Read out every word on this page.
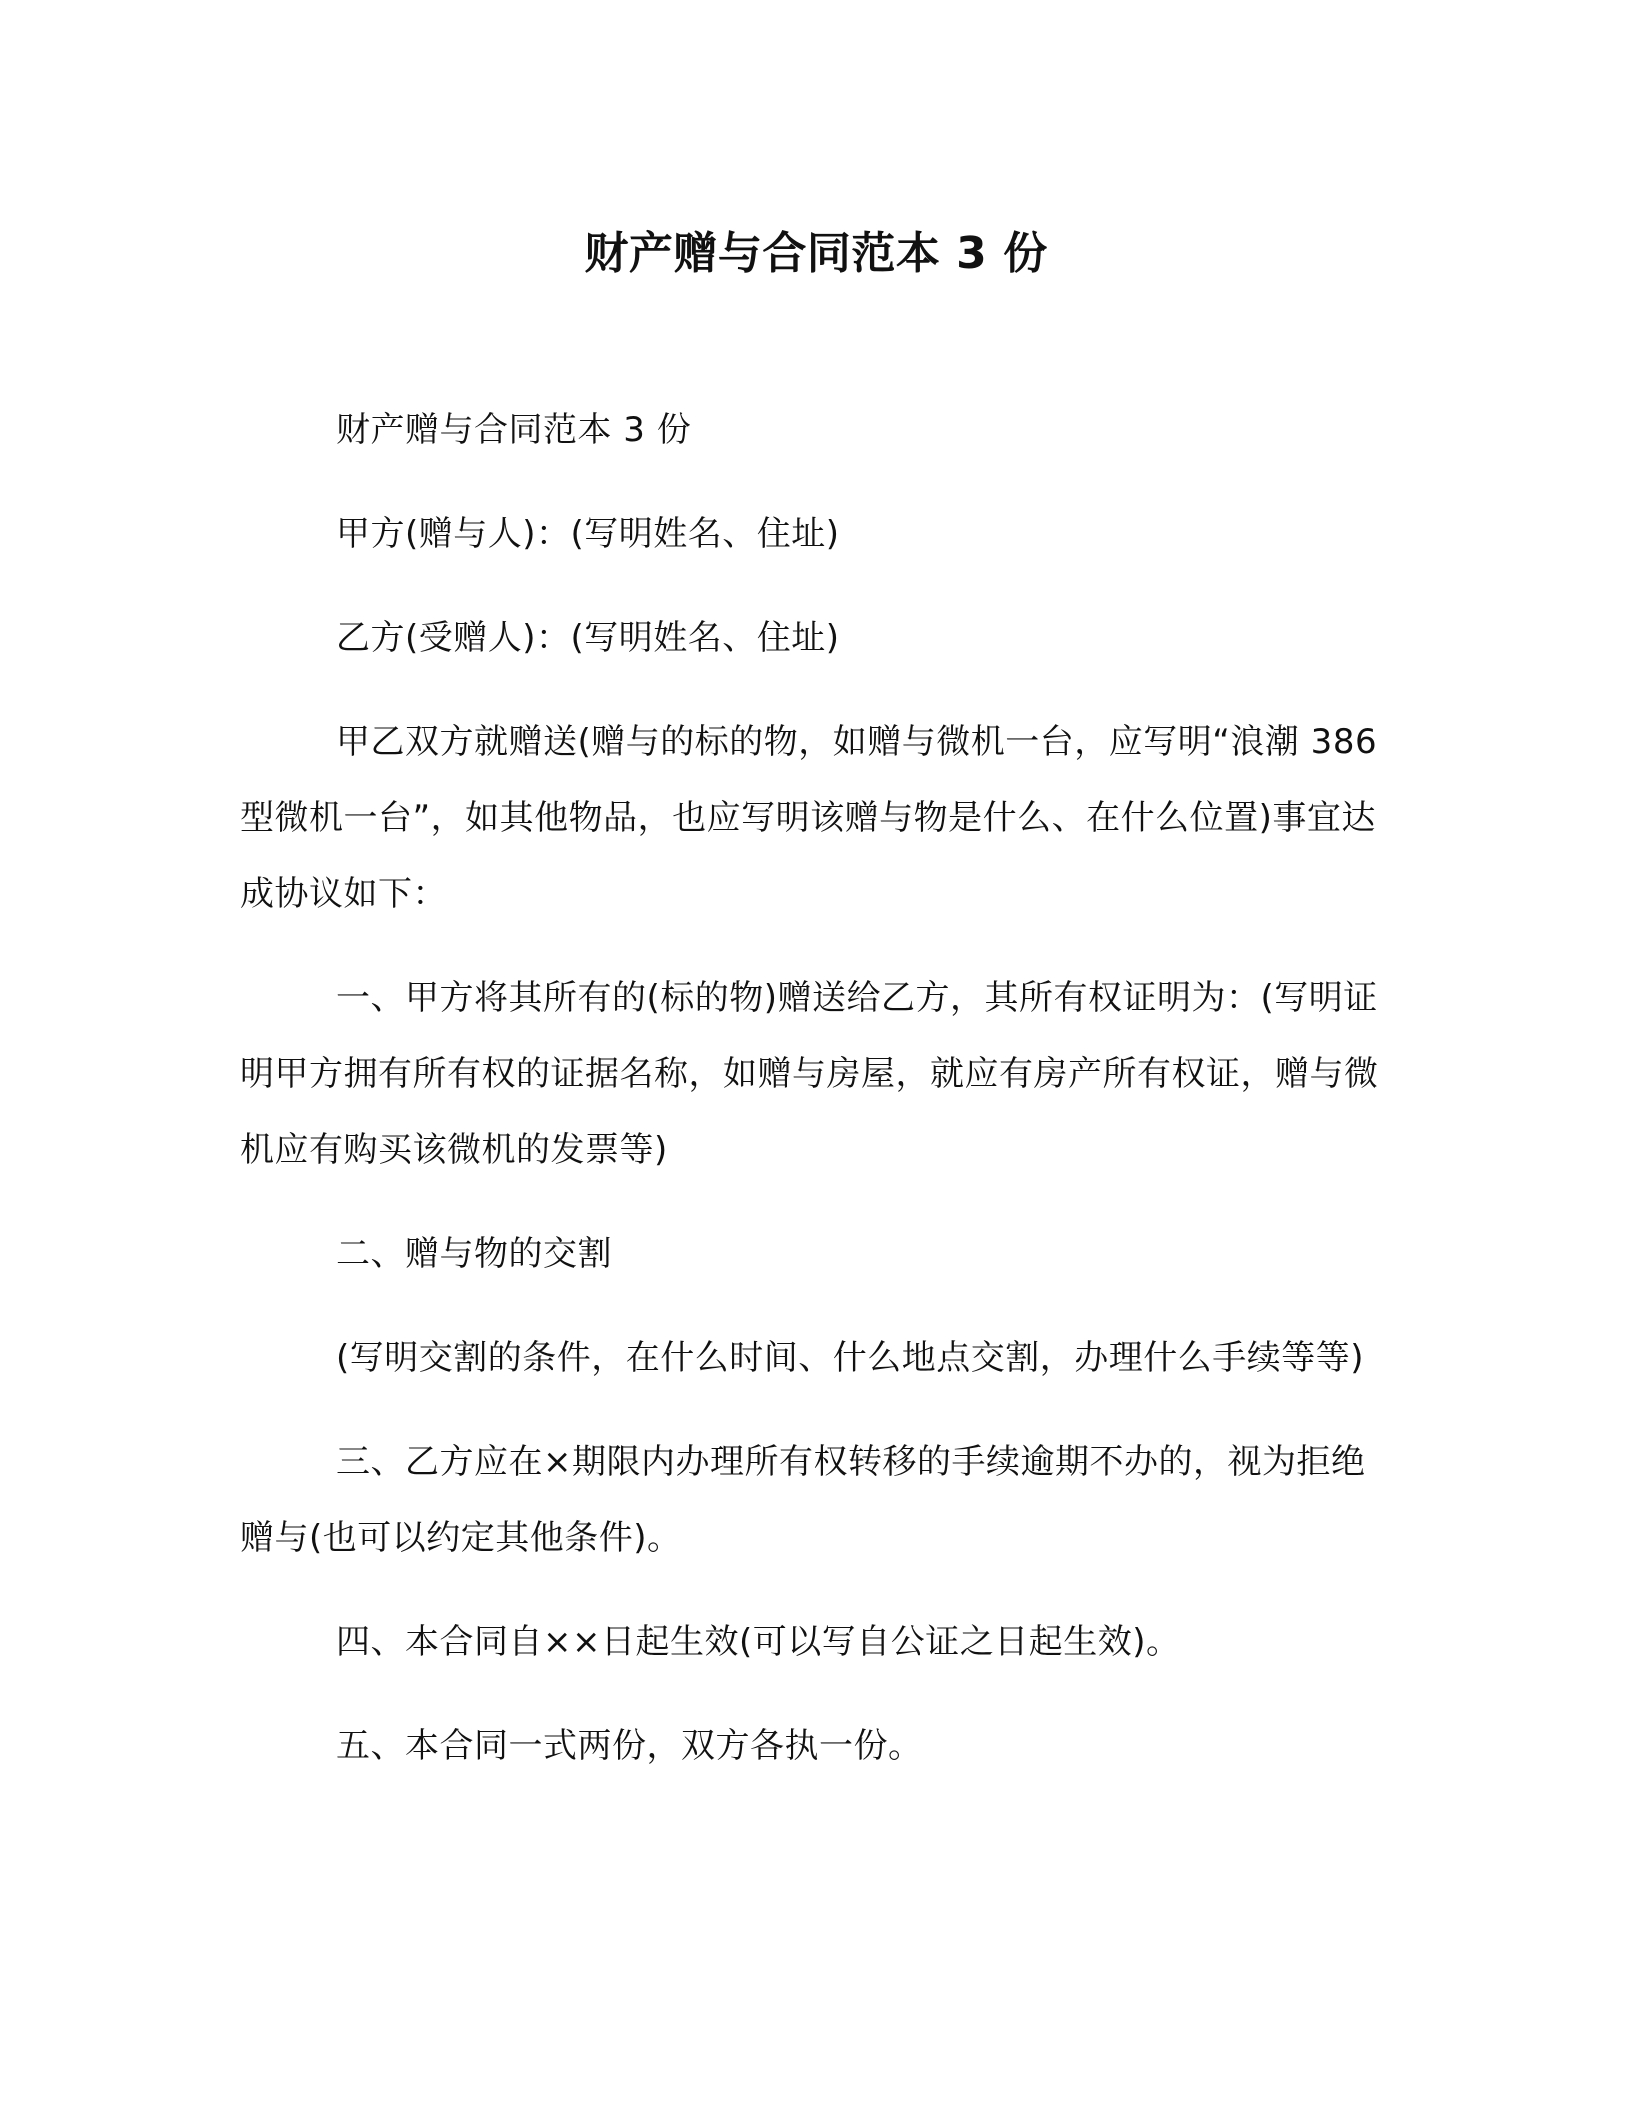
财产赠与合同范本 3 份

财产赠与合同范本 3 份

甲方(赠与人)：(写明姓名、住址)

乙方(受赠人)：(写明姓名、住址)

甲乙双方就赠送(赠与的标的物，如赠与微机一台，应写明“浪潮 386 型微机一台”，如其他物品，也应写明该赠与物是什么、在什么位置)事宜达成协议如下：

一、甲方将其所有的(标的物)赠送给乙方，其所有权证明为：(写明证明甲方拥有所有权的证据名称，如赠与房屋，就应有房产所有权证，赠与微机应有购买该微机的发票等)

二、赠与物的交割

(写明交割的条件，在什么时间、什么地点交割，办理什么手续等等)

三、乙方应在×期限内办理所有权转移的手续逾期不办的，视为拒绝赠与(也可以约定其他条件)。

四、本合同自××日起生效(可以写自公证之日起生效)。

五、本合同一式两份，双方各执一份。
